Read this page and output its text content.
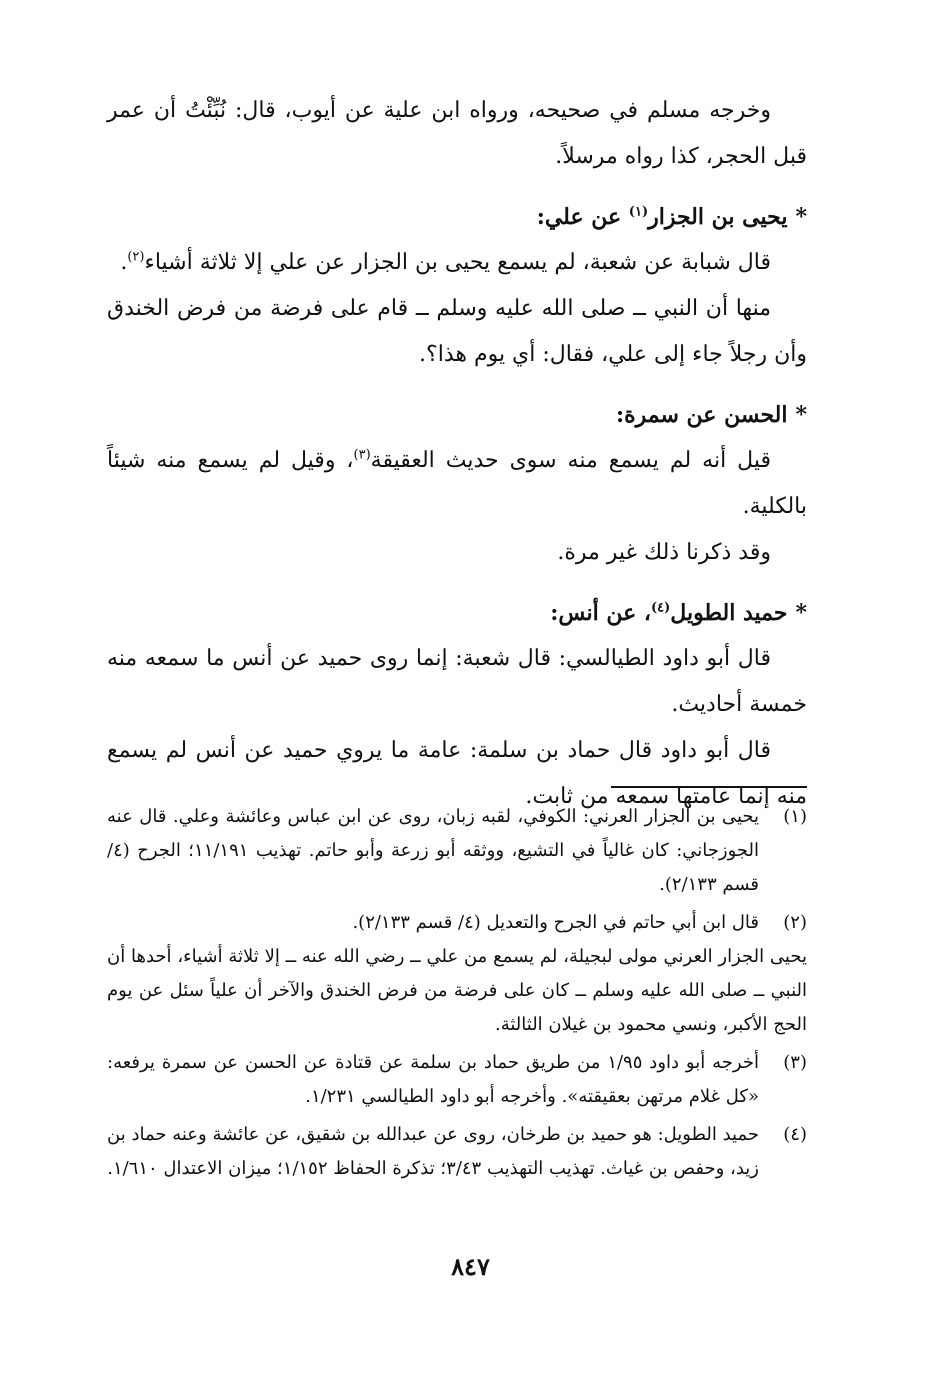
وخرجه مسلم في صحيحه، ورواه ابن علية عن أيوب، قال: نُبِّئْتُ أن عمر قبل الحجر، كذا رواه مرسلاً.

*يحيى بن الجزار$^{(١)}$ عن علي:

قال شبابة عن شعبة، لم يسمع يحيى بن الجزار عن علي إلا ثلاثة أشياء$^{(٢)}$.

منها أن النبي ــ صلى الله عليه وسلم ــ قام على فرضة من فرض الخندق وأن رجلاً جاء إلى علي، فقال: أي يوم هذا؟.

*الحسن عن سمرة:

قيل أنه لم يسمع منه سوى حديث العقيقة$^{(٣)}$، وقيل لم يسمع منه شيئاً بالكلية.

وقد ذكرنا ذلك غير مرة.

*حميد الطويل$^{(٤)}$، عن أنس:

قال أبو داود الطيالسي: قال شعبة: إنما روى حميد عن أنس ما سمعه منه خمسة أحاديث.

قال أبو داود قال حماد بن سلمة: عامة ما يروي حميد عن أنس لم يسمع منه إنما عامتها سمعه من ثابت.

(١)

يحيى بن الجزار العرني: الكوفي، لقبه زبان، روى عن ابن عباس وعائشة وعلي. قال عنه الجوزجاني: كان غالياً في التشيع، ووثقه أبو زرعة وأبو حاتم. تهذيب ١١/١٩١؛ الجرح (٤/ قسم ٢/١٣٣).

(٢)

قال ابن أبي حاتم في الجرح والتعديل (٤/ قسم ٢/١٣٣).

يحيى الجزار العرني مولى لبجيلة، لم يسمع من علي ــ رضي الله عنه ــ إلا ثلاثة أشياء، أحدها أن النبي ــ صلى الله عليه وسلم ــ كان على فرضة من فرض الخندق والآخر أن علياً سئل عن يوم الحج الأكبر، ونسي محمود بن غيلان الثالثة.

(٣)

أخرجه أبو داود ١/٩٥ من طريق حماد بن سلمة عن قتادة عن الحسن عن سمرة يرفعه: «كل غلام مرتهن بعقيقته». وأخرجه أبو داود الطيالسي ١/٢٣١.

(٤)

حميد الطويل: هو حميد بن طرخان، روى عن عبدالله بن شقيق، عن عائشة وعنه حماد بن زيد، وحفص بن غياث. تهذيب التهذيب ٣/٤٣؛ تذكرة الحفاظ ١/١٥٢؛ ميزان الاعتدال ١/٦١٠.

٨٤٧
